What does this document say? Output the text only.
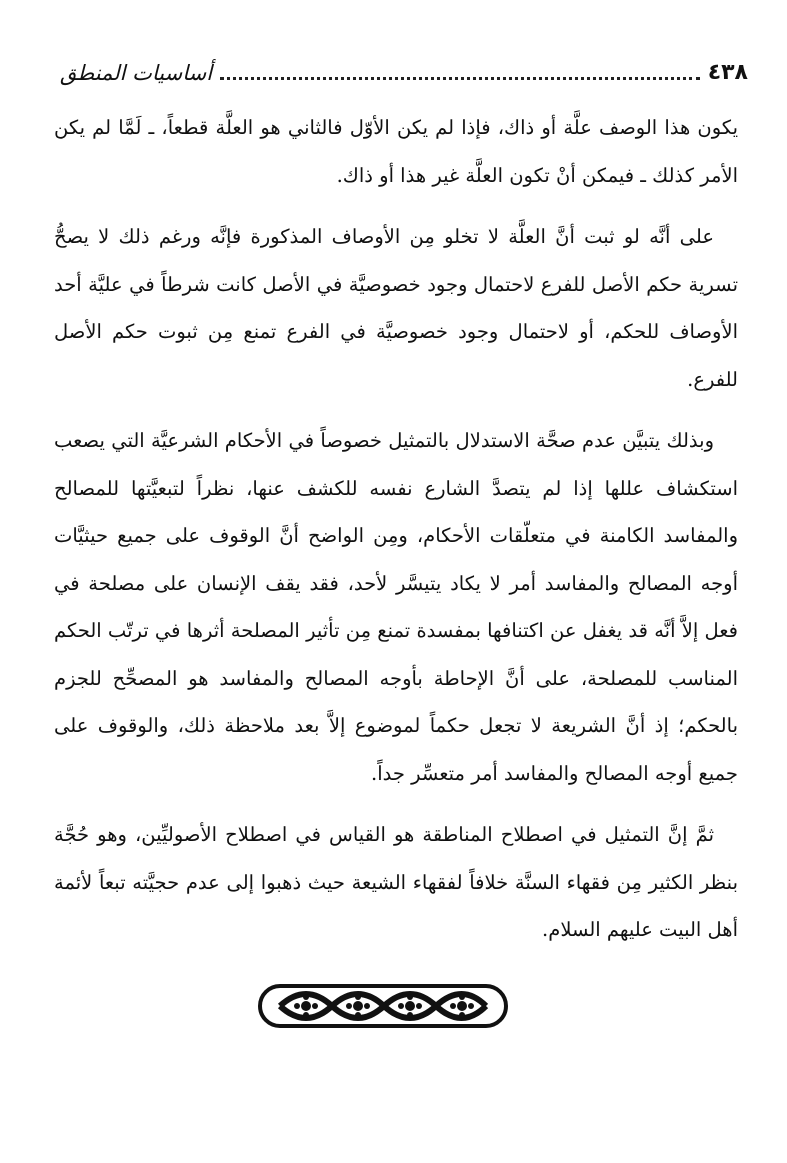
٤٣٨
أساسيات المنطق

يكون هذا الوصف علَّة أو ذاك، فإذا لم يكن الأوّل فالثاني هو العلَّة قطعاً، ـ لَمَّا لم يكن الأمر كذلك ـ فيمكن أنْ تكون العلَّة غير هذا أو ذاك.

على أنَّه لو ثبت أنَّ العلَّة لا تخلو مِن الأوصاف المذكورة فإنَّه ورغم ذلك لا يصحُّ تسرية حكم الأصل للفرع لاحتمال وجود خصوصيَّة في الأصل كانت شرطاً في عليَّة أحد الأوصاف للحكم، أو لاحتمال وجود خصوصيَّة في الفرع تمنع مِن ثبوت حكم الأصل للفرع.

وبذلك يتبيَّن عدم صحَّة الاستدلال بالتمثيل خصوصاً في الأحكام الشرعيَّة التي يصعب استكشاف عللها إذا لم يتصدَّ الشارع نفسه للكشف عنها، نظراً لتبعيَّتها للمصالح والمفاسد الكامنة في متعلّقات الأحكام، ومِن الواضح أنَّ الوقوف على جميع حيثيَّات أوجه المصالح والمفاسد أمر لا يكاد يتيسَّر لأحد، فقد يقف الإنسان على مصلحة في فعل إلاَّ أنَّه قد يغفل عن اكتنافها بمفسدة تمنع مِن تأثير المصلحة أثرها في ترتّب الحكم المناسب للمصلحة، على أنَّ الإحاطة بأوجه المصالح والمفاسد هو المصحِّح للجزم بالحكم؛ إذ أنَّ الشريعة لا تجعل حكماً لموضوع إلاَّ بعد ملاحظة ذلك، والوقوف على جميع أوجه المصالح والمفاسد أمر متعسِّر جداً.

ثمَّ إنَّ التمثيل في اصطلاح المناطقة هو القياس في اصطلاح الأصوليِّين، وهو حُجَّة بنظر الكثير مِن فقهاء السنَّة خلافاً لفقهاء الشيعة حيث ذهبوا إلى عدم حجيَّته تبعاً لأئمة أهل البيت عليهم السلام.
